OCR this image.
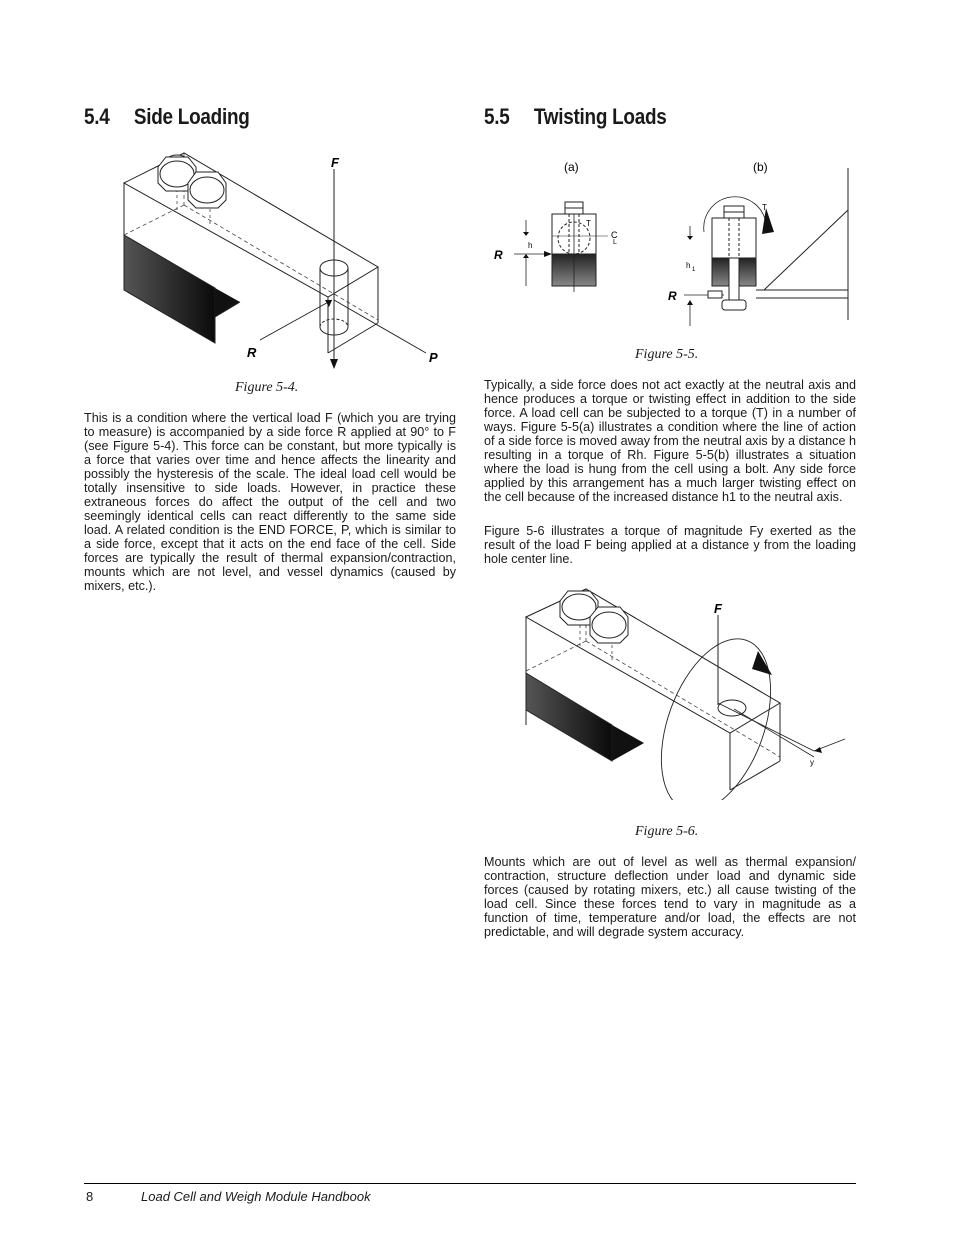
5.4 Side Loading
F
R	P
Figure 5-4.
This is a condition where the vertical load F (which you are trying to measure) is accompanied by a side force R applied at 90° to F (see Figure 5-4). This force can be constant, but more typically is a force that varies over time and hence affects the linearity and possibly the hysteresis of the scale. The ideal load cell would be totally insensitive to side loads. However, in practice these extraneous forces do affect the output of the cell and two seemingly identical cells can react differently to the same side load. A related condition is the END FORCE, P, which is similar to a side force, except that it acts on the end face of the cell. Side forces are typically the result of thermal expansion/contraction, mounts which are not level, and vessel dynamics (caused by mixers, etc.).
5.5 Twisting Loads
(a)	(b)
T
C
L
h
R
T
h 1
R
Figure 5-5.
Typically, a side force does not act exactly at the neutral axis and hence produces a torque or twisting effect in addition to the side force. A load cell can be subjected to a torque (T) in a number of ways. Figure 5-5(a) illustrates a condition where the line of action of a side force is moved away from the neutral axis by a distance h resulting in a torque of Rh. Figure 5-5(b) illustrates a situation where the load is hung from the cell using a bolt. Any side force applied by this arrangement has a much larger twisting effect on the cell because of the increased distance h1 to the neutral axis.
Figure 5-6 illustrates a torque of magnitude Fy exerted as the result of the load F being applied at a distance y from the loading hole center line.
F
y
Figure 5-6.
Mounts which are out of level as well as thermal expansion/ contraction, structure deflection under load and dynamic side forces (caused by rotating mixers, etc.) all cause twisting of the load cell. Since these forces tend to vary in magnitude as a function of time, temperature and/or load, the effects are not predictable, and will degrade system accuracy.
8	Load Cell and Weigh Module Handbook
